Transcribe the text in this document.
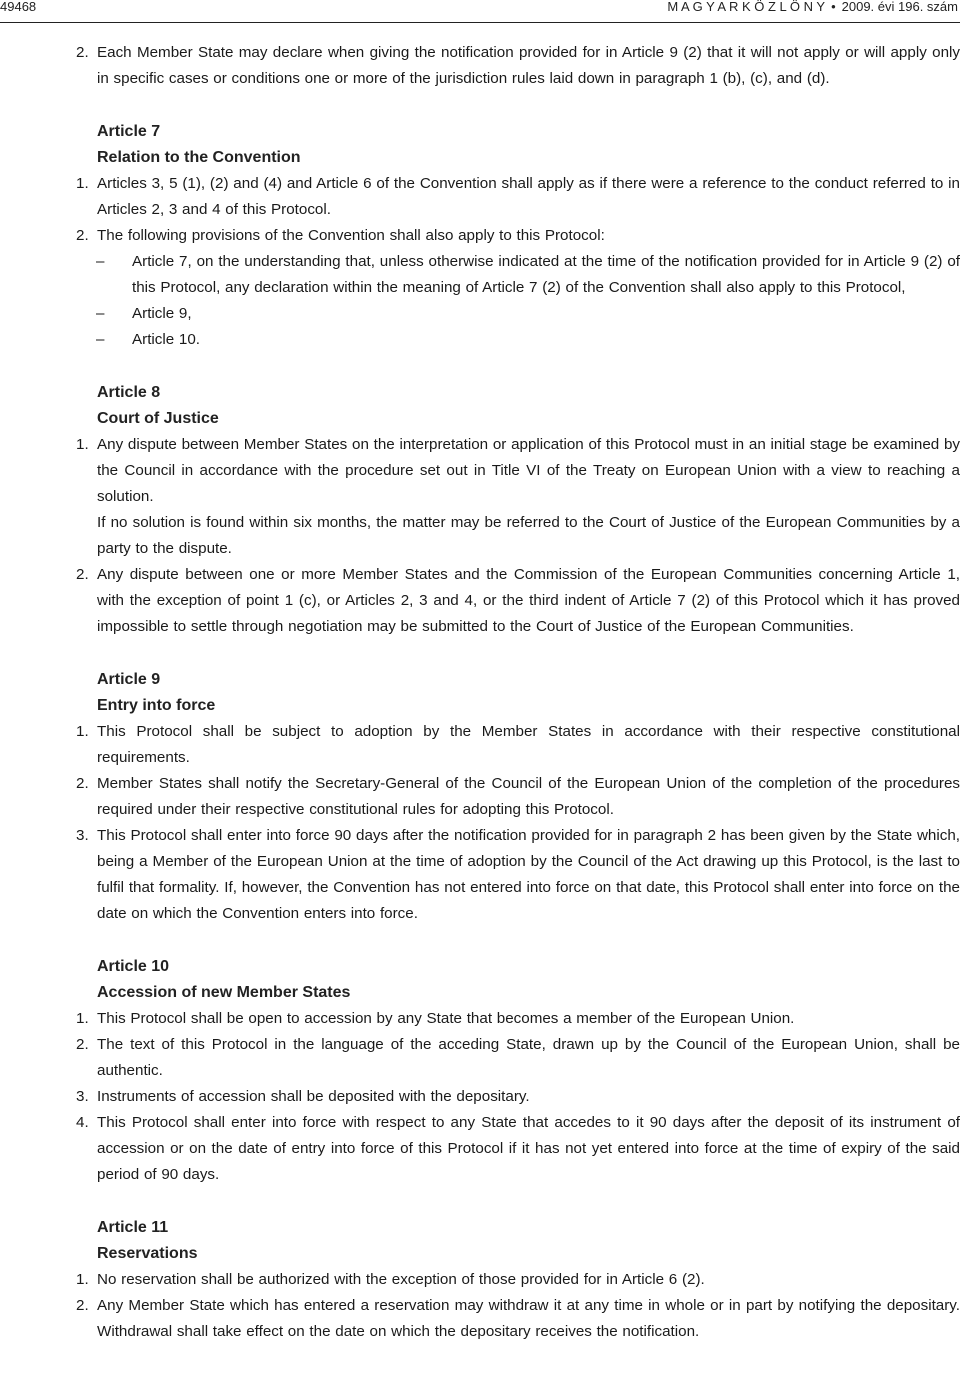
49468	M A G Y A R K Ö Z L Ö N Y • 2009. évi 196. szám
2. Each Member State may declare when giving the notification provided for in Article 9 (2) that it will not apply or will apply only in specific cases or conditions one or more of the jurisdiction rules laid down in paragraph 1 (b), (c), and (d).
Article 7
Relation to the Convention
1. Articles 3, 5 (1), (2) and (4) and Article 6 of the Convention shall apply as if there were a reference to the conduct referred to in Articles 2, 3 and 4 of this Protocol.
2. The following provisions of the Convention shall also apply to this Protocol:
– Article 7, on the understanding that, unless otherwise indicated at the time of the notification provided for in Article 9 (2) of this Protocol, any declaration within the meaning of Article 7 (2) of the Convention shall also apply to this Protocol,
– Article 9,
– Article 10.
Article 8
Court of Justice
1. Any dispute between Member States on the interpretation or application of this Protocol must in an initial stage be examined by the Council in accordance with the procedure set out in Title VI of the Treaty on European Union with a view to reaching a solution.
If no solution is found within six months, the matter may be referred to the Court of Justice of the European Communities by a party to the dispute.
2. Any dispute between one or more Member States and the Commission of the European Communities concerning Article 1, with the exception of point 1 (c), or Articles 2, 3 and 4, or the third indent of Article 7 (2) of this Protocol which it has proved impossible to settle through negotiation may be submitted to the Court of Justice of the European Communities.
Article 9
Entry into force
1. This Protocol shall be subject to adoption by the Member States in accordance with their respective constitutional requirements.
2. Member States shall notify the Secretary-General of the Council of the European Union of the completion of the procedures required under their respective constitutional rules for adopting this Protocol.
3. This Protocol shall enter into force 90 days after the notification provided for in paragraph 2 has been given by the State which, being a Member of the European Union at the time of adoption by the Council of the Act drawing up this Protocol, is the last to fulfil that formality. If, however, the Convention has not entered into force on that date, this Protocol shall enter into force on the date on which the Convention enters into force.
Article 10
Accession of new Member States
1. This Protocol shall be open to accession by any State that becomes a member of the European Union.
2. The text of this Protocol in the language of the acceding State, drawn up by the Council of the European Union, shall be authentic.
3. Instruments of accession shall be deposited with the depositary.
4. This Protocol shall enter into force with respect to any State that accedes to it 90 days after the deposit of its instrument of accession or on the date of entry into force of this Protocol if it has not yet entered into force at the time of expiry of the said period of 90 days.
Article 11
Reservations
1. No reservation shall be authorized with the exception of those provided for in Article 6 (2).
2. Any Member State which has entered a reservation may withdraw it at any time in whole or in part by notifying the depositary. Withdrawal shall take effect on the date on which the depositary receives the notification.
